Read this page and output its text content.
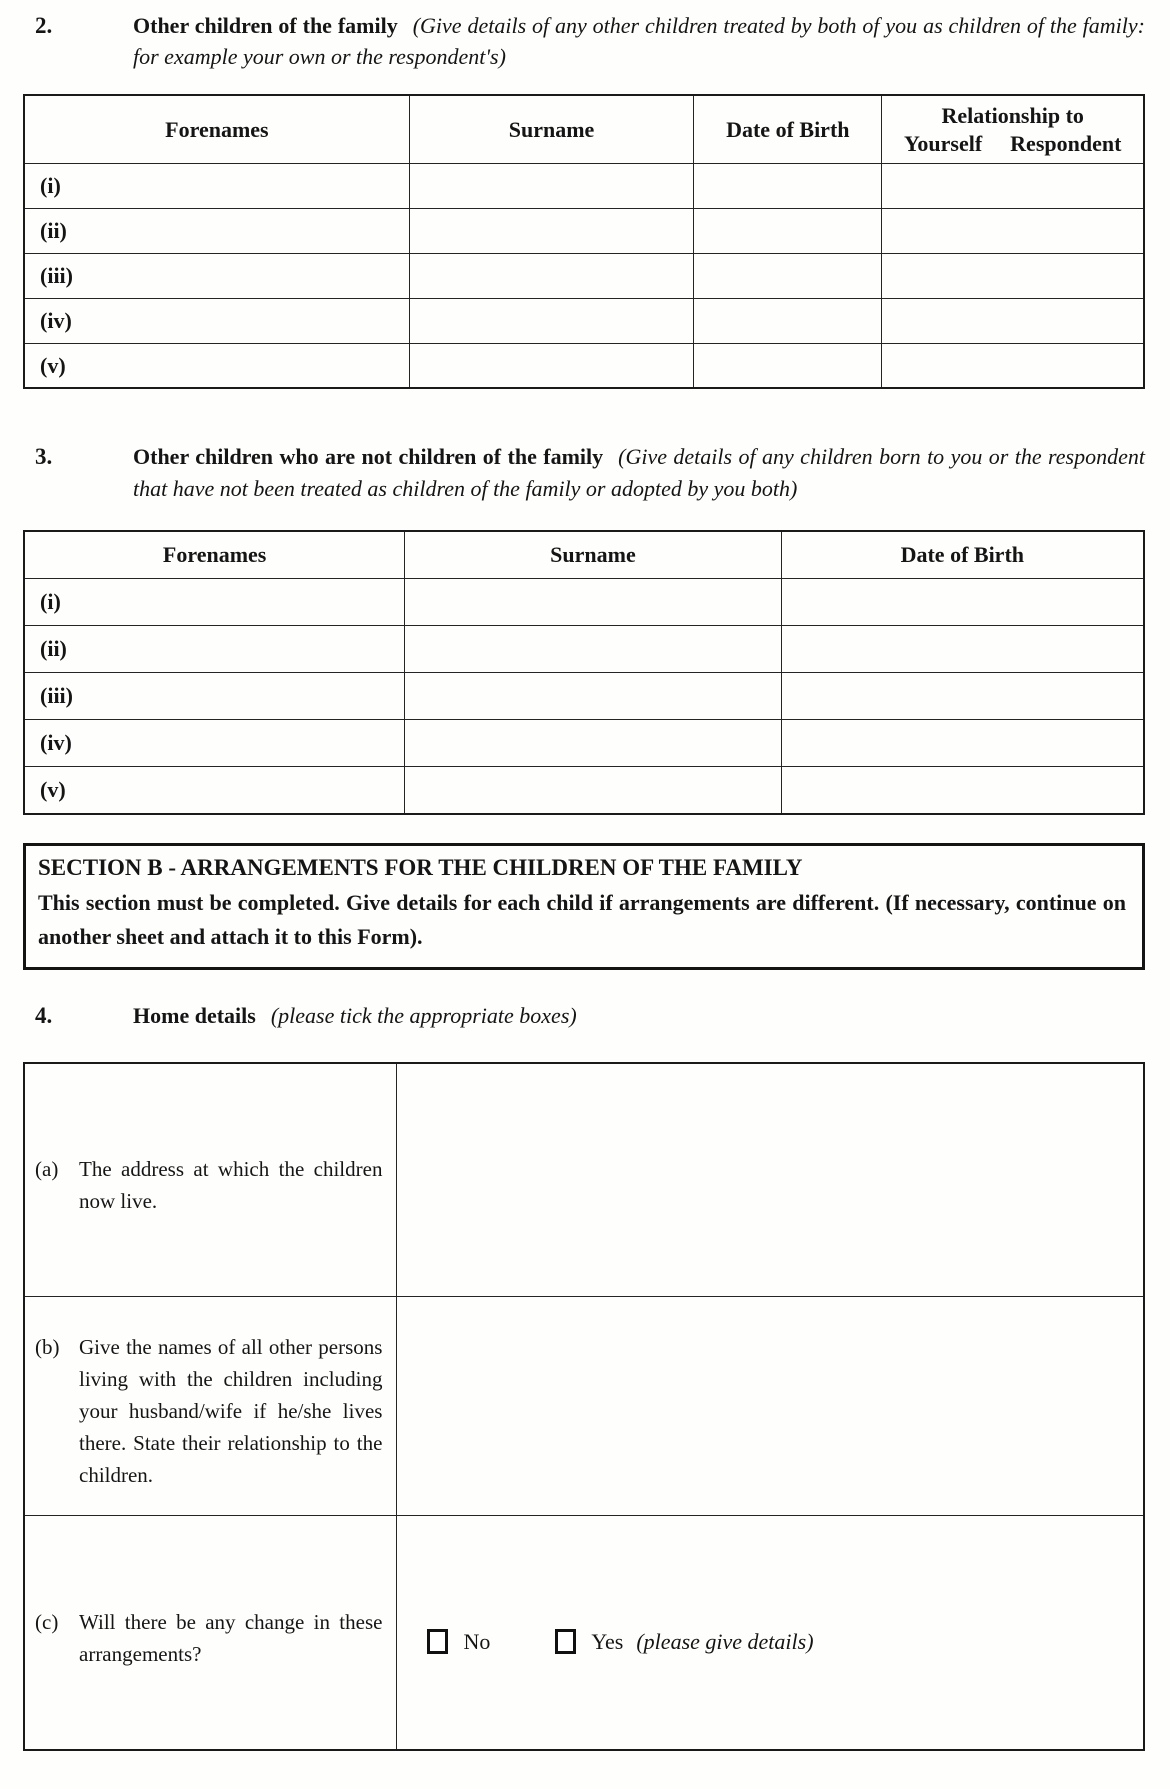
2.	Other children of the family (Give details of any other children treated by both of you as children of the family: for example your own or the respondent's)
Forenames	Surname	Date of Birth	Relationship to
Yourself Respondent

(i)			
(ii)			
(iii)			
(iv)			
(v)			
3.	Other children who are not children of the family (Give details of any children born to you or the respondent that have not been treated as children of the family or adopted by you both)
Forenames	Surname	Date of Birth
(i)		
(ii)		
(iii)		
(iv)		
(v)		
SECTION B - ARRANGEMENTS FOR THE CHILDREN OF THE FAMILY
This section must be completed. Give details for each child if arrangements are different. (If necessary, continue on another sheet and attach it to this Form).
4.	Home details (please tick the appropriate boxes)
(a) The address at which the children now live.	

(b) Give the names of all other persons living with the children including your husband/wife if he/she lives there. State their relationship to the children.	

(c) Will there be any change in these arrangements?	No Yes (please give details)
